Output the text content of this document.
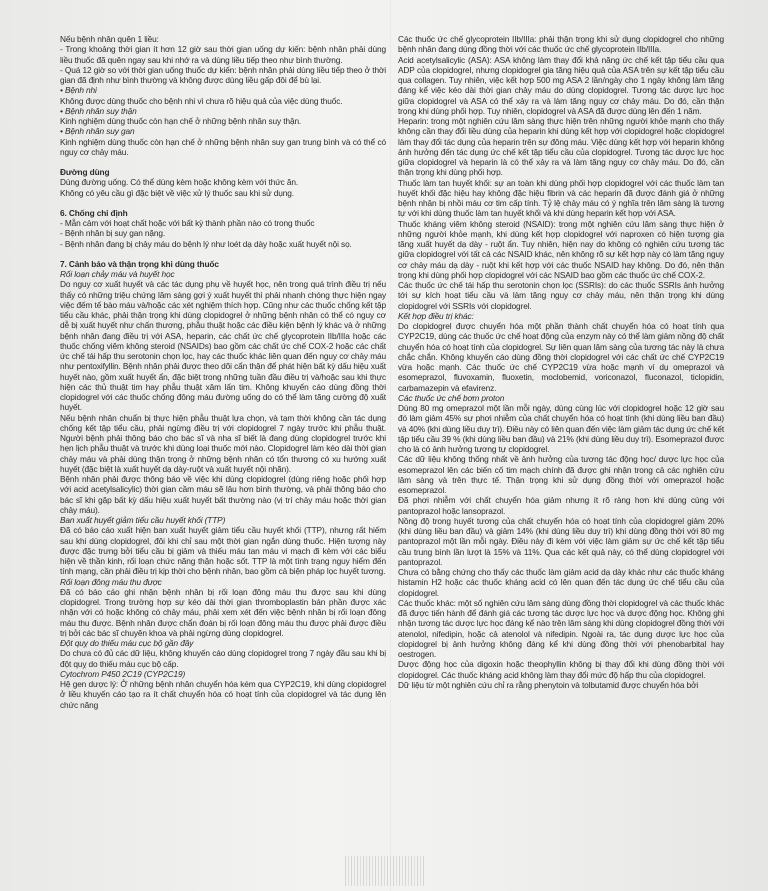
Nếu bệnh nhân quên 1 liều:

- Trong khoảng thời gian ít hơn 12 giờ sau thời gian uống dự kiến: bệnh nhân phải dùng liều thuốc đã quên ngay sau khi nhớ ra và dùng liều tiếp theo như bình thường.

- Quá 12 giờ so với thời gian uống thuốc dự kiến: bệnh nhân phải dùng liều tiếp theo ở thời gian đã định như bình thường và không được dùng liều gấp đôi để bù lại.

• Bệnh nhi

Không được dùng thuốc cho bệnh nhi vì chưa rõ hiệu quả của việc dùng thuốc.

• Bệnh nhân suy thận

Kinh nghiệm dùng thuốc còn hạn chế ở những bệnh nhân suy thận.

• Bệnh nhân suy gan

Kinh nghiệm dùng thuốc còn hạn chế ở những bệnh nhân suy gan trung bình và có thể có nguy cơ chảy máu.

Đường dùng

Dùng đường uống. Có thể dùng kèm hoặc không kèm với thức ăn.

Không có yêu cầu gì đặc biệt về việc xử lý thuốc sau khi sử dụng.

6. Chống chỉ định

- Mẫn cảm với hoạt chất hoặc với bất kỳ thành phần nào có trong thuốc

- Bệnh nhân bị suy gan nặng.

- Bệnh nhân đang bị chảy máu do bệnh lý như loét dạ dày hoặc xuất huyết nội sọ.

7. Cảnh báo và thận trọng khi dùng thuốc

Rối loạn chảy máu và huyết học

Do nguy cơ xuất huyết và các tác dụng phụ về huyết học, nên trong quá trình điều trị nếu thấy có những triệu chứng lâm sàng gợi ý xuất huyết thì phải nhanh chóng thực hiện ngay việc đếm tế bào máu và/hoặc các xét nghiệm thích hợp. Cũng như các thuốc chống kết tập tiểu cầu khác, phải thận trọng khi dùng clopidogrel ở những bệnh nhân có thể có nguy cơ dễ bị xuất huyết như chấn thương, phẫu thuật hoặc các điều kiện bệnh lý khác và ở những bệnh nhân đang điều trị với ASA, heparin, các chất ức chế glycoprotein IIb/IIIa hoặc các thuốc chống viêm không steroid (NSAIDs) bao gồm các chất ức chế COX-2 hoặc các chất ức chế tái hấp thu serotonin chọn lọc, hay các thuốc khác liên quan đến nguy cơ chảy máu như pentoxifyllin. Bệnh nhân phải được theo dõi cẩn thận để phát hiện bất kỳ dấu hiệu xuất huyết nào, gồm xuất huyết ẩn, đặc biệt trong những tuần đầu điều trị và/hoặc sau khi thực hiện các thủ thuật tim hay phẫu thuật xâm lấn tim. Không khuyến cáo dùng đồng thời clopidogrel với các thuốc chống đông máu đường uống do có thể làm tăng cường độ xuất huyết.

Nếu bệnh nhân chuẩn bị thực hiện phẫu thuật lựa chọn, và tạm thời không cần tác dụng chống kết tập tiểu cầu, phải ngừng điều trị với clopidogrel 7 ngày trước khi phẫu thuật. Người bệnh phải thông báo cho bác sĩ và nha sĩ biết là đang dùng clopidogrel trước khi hẹn lịch phẫu thuật và trước khi dùng loại thuốc mới nào. Clopidogrel làm kéo dài thời gian chảy máu và phải dùng thận trọng ở những bệnh nhân có tổn thương có xu hướng xuất huyết (đặc biệt là xuất huyết dạ dày-ruột và xuất huyết nội nhãn).

Bệnh nhân phải được thông báo về việc khi dùng clopidogrel (dùng riêng hoặc phối hợp với acid acetylsalicylic) thời gian cầm máu sẽ lâu hơn bình thường, và phải thông báo cho bác sĩ khi gặp bất kỳ dấu hiệu xuất huyết bất thường nào (vị trí chảy máu hoặc thời gian chảy máu).

Ban xuất huyết giảm tiểu cầu huyết khối (TTP)

Đã có báo cáo xuất hiện ban xuất huyết giảm tiểu cầu huyết khối (TTP), nhưng rất hiếm sau khi dùng clopidogrel, đôi khi chỉ sau một thời gian ngắn dùng thuốc. Hiện tượng này được đặc trưng bởi tiểu cầu bị giảm và thiếu máu tan máu vi mạch đi kèm với các biểu hiện về thần kinh, rối loạn chức năng thận hoặc sốt. TTP là một tình trạng nguy hiểm đến tính mạng, cần phải điều trị kịp thời cho bệnh nhân, bao gồm cả biện pháp lọc huyết tương.

Rối loạn đông máu thu được

Đã có báo cáo ghi nhận bệnh nhân bị rối loạn đông máu thu được sau khi dùng clopidogrel. Trong trường hợp sự kéo dài thời gian thromboplastin bán phần được xác nhận với có hoặc không có chảy máu, phải xem xét đến việc bệnh nhân bị rối loạn đông máu thu được. Bệnh nhân được chẩn đoán bị rối loạn đông máu thu được phải được điều trị bởi các bác sĩ chuyên khoa và phải ngừng dùng clopidogrel.

Đột quỵ do thiếu máu cục bộ gần đây

Do chưa có đủ các dữ liệu, không khuyến cáo dùng clopidogrel trong 7 ngày đầu sau khi bị đột quỵ do thiếu máu cục bộ cấp.

Cytochrom P450 2C19 (CYP2C19)

Hệ gen dược lý: Ở những bệnh nhân chuyển hóa kém qua CYP2C19, khi dùng clopidogrel ở liều khuyến cáo tạo ra ít chất chuyển hóa có hoạt tính của clopidogrel và tác dụng lên chức năng

Các thuốc ức chế glycoprotein IIb/IIIa: phải thận trọng khi sử dụng clopidogrel cho những bệnh nhân đang dùng đồng thời với các thuốc ức chế glycoprotein IIb/IIIa.

Acid acetylsalicylic (ASA): ASA không làm thay đổi khả năng ức chế kết tập tiểu cầu qua ADP của clopidogrel, nhưng clopidogrel gia tăng hiệu quả của ASA trên sự kết tập tiểu cầu qua collagen. Tuy nhiên, việc kết hợp 500 mg ASA 2 lần/ngày cho 1 ngày không làm tăng đáng kể việc kéo dài thời gian chảy máu do dùng clopidogrel. Tương tác dược lực học giữa clopidogrel và ASA có thể xảy ra và làm tăng nguy cơ chảy máu. Do đó, cần thận trọng khi dùng phối hợp. Tuy nhiên, clopidogrel và ASA đã được dùng lên đến 1 năm.

Heparin: trong một nghiên cứu lâm sàng thực hiện trên những người khỏe mạnh cho thấy không cần thay đổi liều dùng của heparin khi dùng kết hợp với clopidogrel hoặc clopidogrel làm thay đổi tác dụng của heparin trên sự đông máu. Việc dùng kết hợp với heparin không ảnh hưởng đến tác dụng ức chế kết tập tiểu cầu của clopidogrel. Tương tác dược lực học giữa clopidogrel và heparin là có thể xảy ra và làm tăng nguy cơ chảy máu. Do đó, cần thận trọng khi dùng phối hợp.

Thuốc làm tan huyết khối: sự an toàn khi dùng phối hợp clopidogrel với các thuốc làm tan huyết khối đặc hiệu hay không đặc hiệu fibrin và các heparin đã được đánh giá ở những bệnh nhân bị nhồi máu cơ tim cấp tính. Tỷ lệ chảy máu có ý nghĩa trên lâm sàng là tương tự với khi dùng thuốc làm tan huyết khối và khi dùng heparin kết hợp với ASA.

Thuốc kháng viêm không steroid (NSAID): trong một nghiên cứu lâm sàng thực hiện ở những người khỏe mạnh, khi dùng kết hợp clopidogrel với naproxen có hiện tượng gia tăng xuất huyết dạ dày - ruột ẩn. Tuy nhiên, hiện nay do không có nghiên cứu tương tác giữa clopidogrel với tất cả các NSAID khác, nên không rõ sự kết hợp này có làm tăng nguy cơ chảy máu dạ dày - ruột khi kết hợp với các thuốc NSAID hay không. Do đó, nên thận trọng khi dùng phối hợp clopidogrel với các NSAID bao gồm các thuốc ức chế COX-2.

Các thuốc ức chế tái hấp thu serotonin chọn lọc (SSRIs): do các thuốc SSRIs ảnh hưởng tới sự kích hoạt tiểu cầu và làm tăng nguy cơ chảy máu, nên thận trọng khi dùng clopidogrel với SSRIs với clopidogrel.

Kết hợp điều trị khác:

Do clopidogrel được chuyển hóa một phần thành chất chuyển hóa có hoạt tính qua CYP2C19, dùng các thuốc ức chế hoạt động của enzym này có thể làm giảm nồng độ chất chuyển hóa có hoạt tính của clopidogrel. Sự liên quan lâm sàng của tương tác này là chưa chắc chắn. Không khuyến cáo dùng đồng thời clopidogrel với các chất ức chế CYP2C19 vừa hoặc mạnh. Các thuốc ức chế CYP2C19 vừa hoặc mạnh ví dụ omeprazol và esomeprazol, fluvoxamin, fluoxetin, moclobemid, voriconazol, fluconazol, ticlopidin, carbamazepin và efavirenz.

Các thuốc ức chế bơm proton

Dùng 80 mg omeprazol một lần mỗi ngày, dùng cùng lúc với clopidogrel hoặc 12 giờ sau đó làm giảm 45% sự phơi nhiễm của chất chuyển hóa có hoạt tính (khi dùng liều ban đầu) và 40% (khi dùng liều duy trì). Điều này có liên quan đến việc làm giảm tác dụng ức chế kết tập tiểu cầu 39 % (khi dùng liều ban đầu) và 21% (khi dùng liều duy trì). Esomeprazol được cho là có ảnh hưởng tương tự clopidogrel.

Các dữ liệu không thống nhất về ảnh hưởng của tương tác động học/ dược lực học của esomeprazol lên các biến cố tim mạch chính đã được ghi nhận trong cả các nghiên cứu lâm sàng và trên thực tế. Thận trọng khi sử dụng đồng thời với omeprazol hoặc esomeprazol.

Đã phơi nhiễm với chất chuyển hóa giảm nhưng ít rõ ràng hơn khi dùng cùng với pantoprazol hoặc lansoprazol.

Nồng độ trong huyết tương của chất chuyển hóa có hoạt tính của clopidogrel giảm 20% (khi dùng liều ban đầu) và giảm 14% (khi dùng liều duy trì) khi dùng đồng thời với 80 mg pantoprazol một lần mỗi ngày. Điều này đi kèm với việc làm giảm sự ức chế kết tập tiểu cầu trung bình lần lượt là 15% và 11%. Qua các kết quả này, có thể dùng clopidogrel với pantoprazol.

Chưa có bằng chứng cho thấy các thuốc làm giảm acid dạ dày khác như các thuốc kháng histamin H2 hoặc các thuốc kháng acid có lên quan đến tác dụng ức chế tiểu cầu của clopidogrel.

Các thuốc khác: một số nghiên cứu lâm sàng dùng đồng thời clopidogrel và các thuốc khác đã được tiến hành để đánh giá các tương tác dược lực học và dược động học. Không ghi nhận tương tác dược lực học đáng kể nào trên lâm sàng khi dùng clopidogrel đồng thời với atenolol, nifedipin, hoặc cả atenolol và nifedipin. Ngoài ra, tác dụng dược lực học của clopidogrel bị ảnh hưởng không đáng kể khi dùng đồng thời với phenobarbital hay oestrogen.

Dược động học của digoxin hoặc theophyllin không bị thay đổi khi dùng đồng thời với clopidogrel. Các thuốc kháng acid không làm thay đổi mức độ hấp thu của clopidogrel.

Dữ liệu từ một nghiên cứu chỉ ra rằng phenytoin và tolbutamid được chuyển hóa bởi
